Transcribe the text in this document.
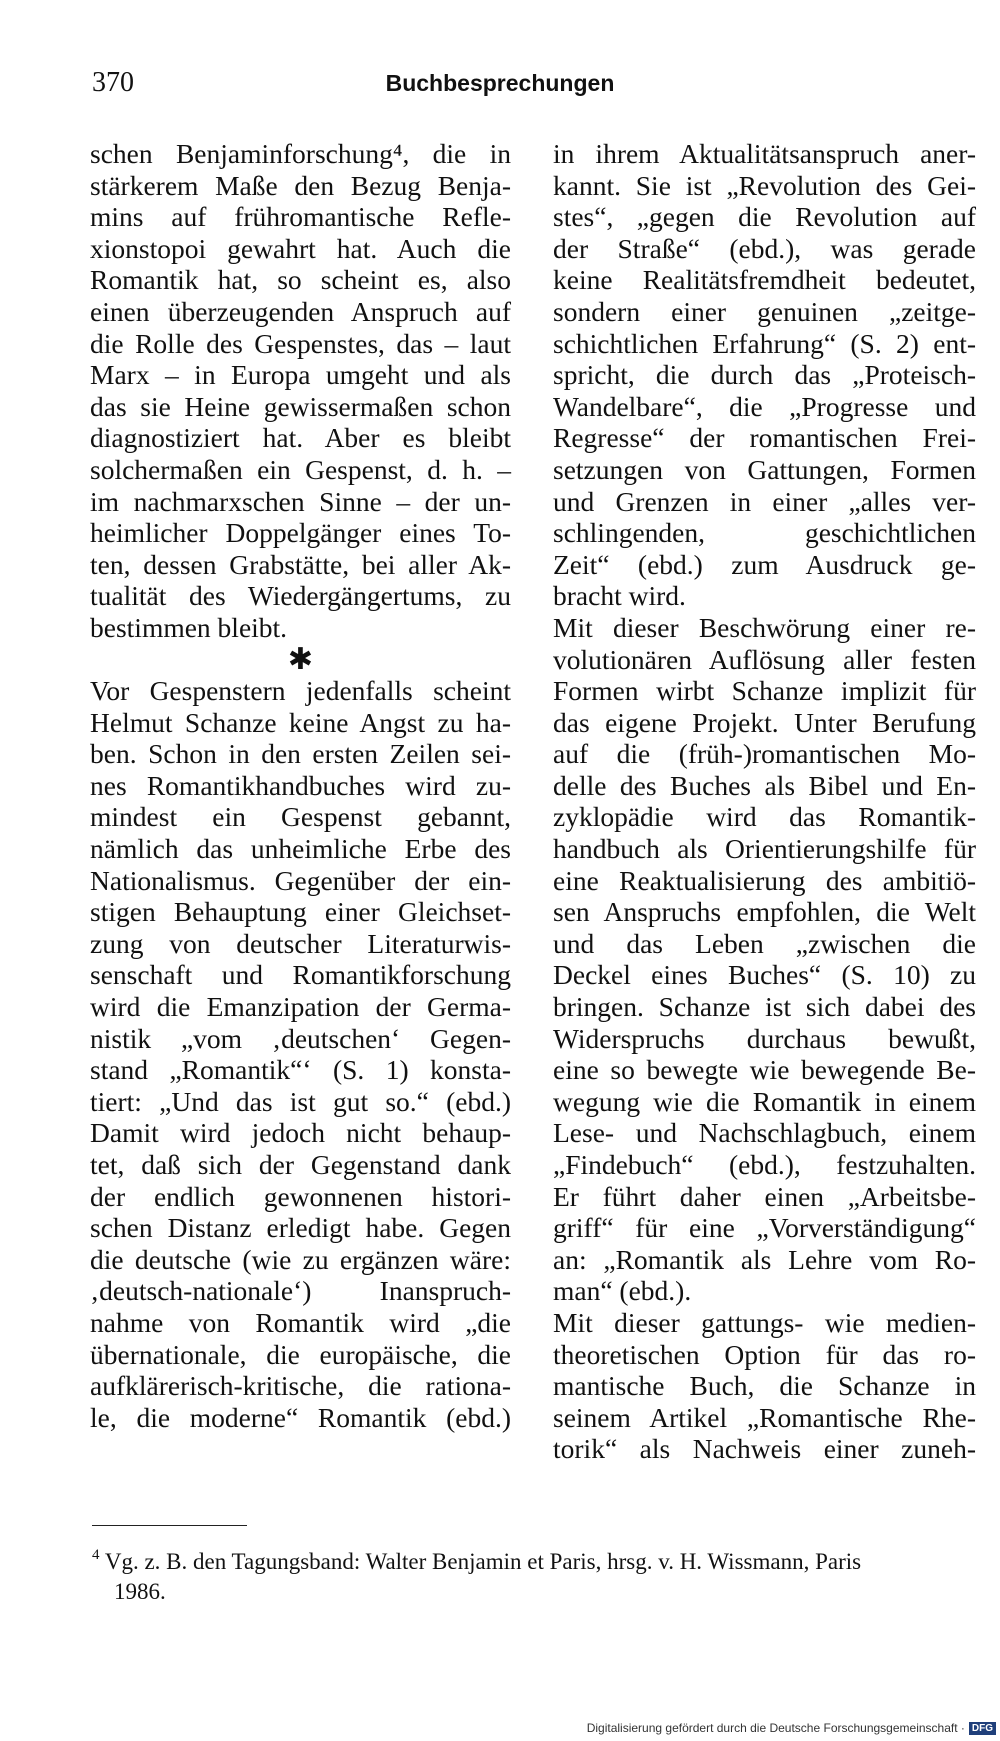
370	Buchbesprechungen
schen Benjaminforschung⁴, die in
stärkerem Maße den Bezug Benja-
mins auf frühromantische Refle-
xionstopoi gewahrt hat. Auch die
Romantik hat, so scheint es, also
einen überzeugenden Anspruch auf
die Rolle des Gespenstes, das – laut
Marx – in Europa umgeht und als
das sie Heine gewissermaßen schon
diagnostiziert hat. Aber es bleibt
solchermaßen ein Gespenst, d. h. –
im nachmarxschen Sinne – der un-
heimlicher Doppelgänger eines To-
ten, dessen Grabstätte, bei aller Ak-
tualität des Wiedergängertums, zu
bestimmen bleibt.
✱
Vor Gespenstern jedenfalls scheint
Helmut Schanze keine Angst zu ha-
ben. Schon in den ersten Zeilen sei-
nes Romantikhandbuches wird zu-
mindest ein Gespenst gebannt,
nämlich das unheimliche Erbe des
Nationalismus. Gegenüber der ein-
stigen Behauptung einer Gleichset-
zung von deutscher Literaturwis-
senschaft und Romantikforschung
wird die Emanzipation der Germa-
nistik „vom ‚deutschen‘ Gegen-
stand „Romantik“‘ (S. 1) konsta-
tiert: „Und das ist gut so.“ (ebd.)
Damit wird jedoch nicht behaup-
tet, daß sich der Gegenstand dank
der endlich gewonnenen histori-
schen Distanz erledigt habe. Gegen
die deutsche (wie zu ergänzen wäre:
‚deutsch-nationale‘) Inanspruch-
nahme von Romantik wird „die
übernationale, die europäische, die
aufklärerisch-kritische, die rationa-
le, die moderne“ Romantik (ebd.)
in ihrem Aktualitätsanspruch aner-
kannt. Sie ist „Revolution des Gei-
stes“, „gegen die Revolution auf
der Straße“ (ebd.), was gerade
keine Realitätsfremdheit bedeutet,
sondern einer genuinen „zeitge-
schichtlichen Erfahrung“ (S. 2) ent-
spricht, die durch das „Proteisch-
Wandelbare“, die „Progresse und
Regresse“ der romantischen Frei-
setzungen von Gattungen, Formen
und Grenzen in einer „alles ver-
schlingenden, geschichtlichen
Zeit“ (ebd.) zum Ausdruck ge-
bracht wird.
Mit dieser Beschwörung einer re-
volutionären Auflösung aller festen
Formen wirbt Schanze implizit für
das eigene Projekt. Unter Berufung
auf die (früh-)romantischen Mo-
delle des Buches als Bibel und En-
zyklopädie wird das Romantik-
handbuch als Orientierungshilfe für
eine Reaktualisierung des ambitiö-
sen Anspruchs empfohlen, die Welt
und das Leben „zwischen die
Deckel eines Buches“ (S. 10) zu
bringen. Schanze ist sich dabei des
Widerspruchs durchaus bewußt,
eine so bewegte wie bewegende Be-
wegung wie die Romantik in einem
Lese- und Nachschlagbuch, einem
„Findebuch“ (ebd.), festzuhalten.
Er führt daher einen „Arbeitsbe-
griff“ für eine „Vorverständigung“
an: „Romantik als Lehre vom Ro-
man“ (ebd.).
Mit dieser gattungs- wie medien-
theoretischen Option für das ro-
mantische Buch, die Schanze in
seinem Artikel „Romantische Rhe-
torik“ als Nachweis einer zuneh-
$^4$ Vg. z. B. den Tagungsband: Walter Benjamin et Paris, hrsg. v. H. Wissmann, Paris
1986.
Digitalisierung gefördert durch die Deutsche Forschungsgemeinschaft · DFG
